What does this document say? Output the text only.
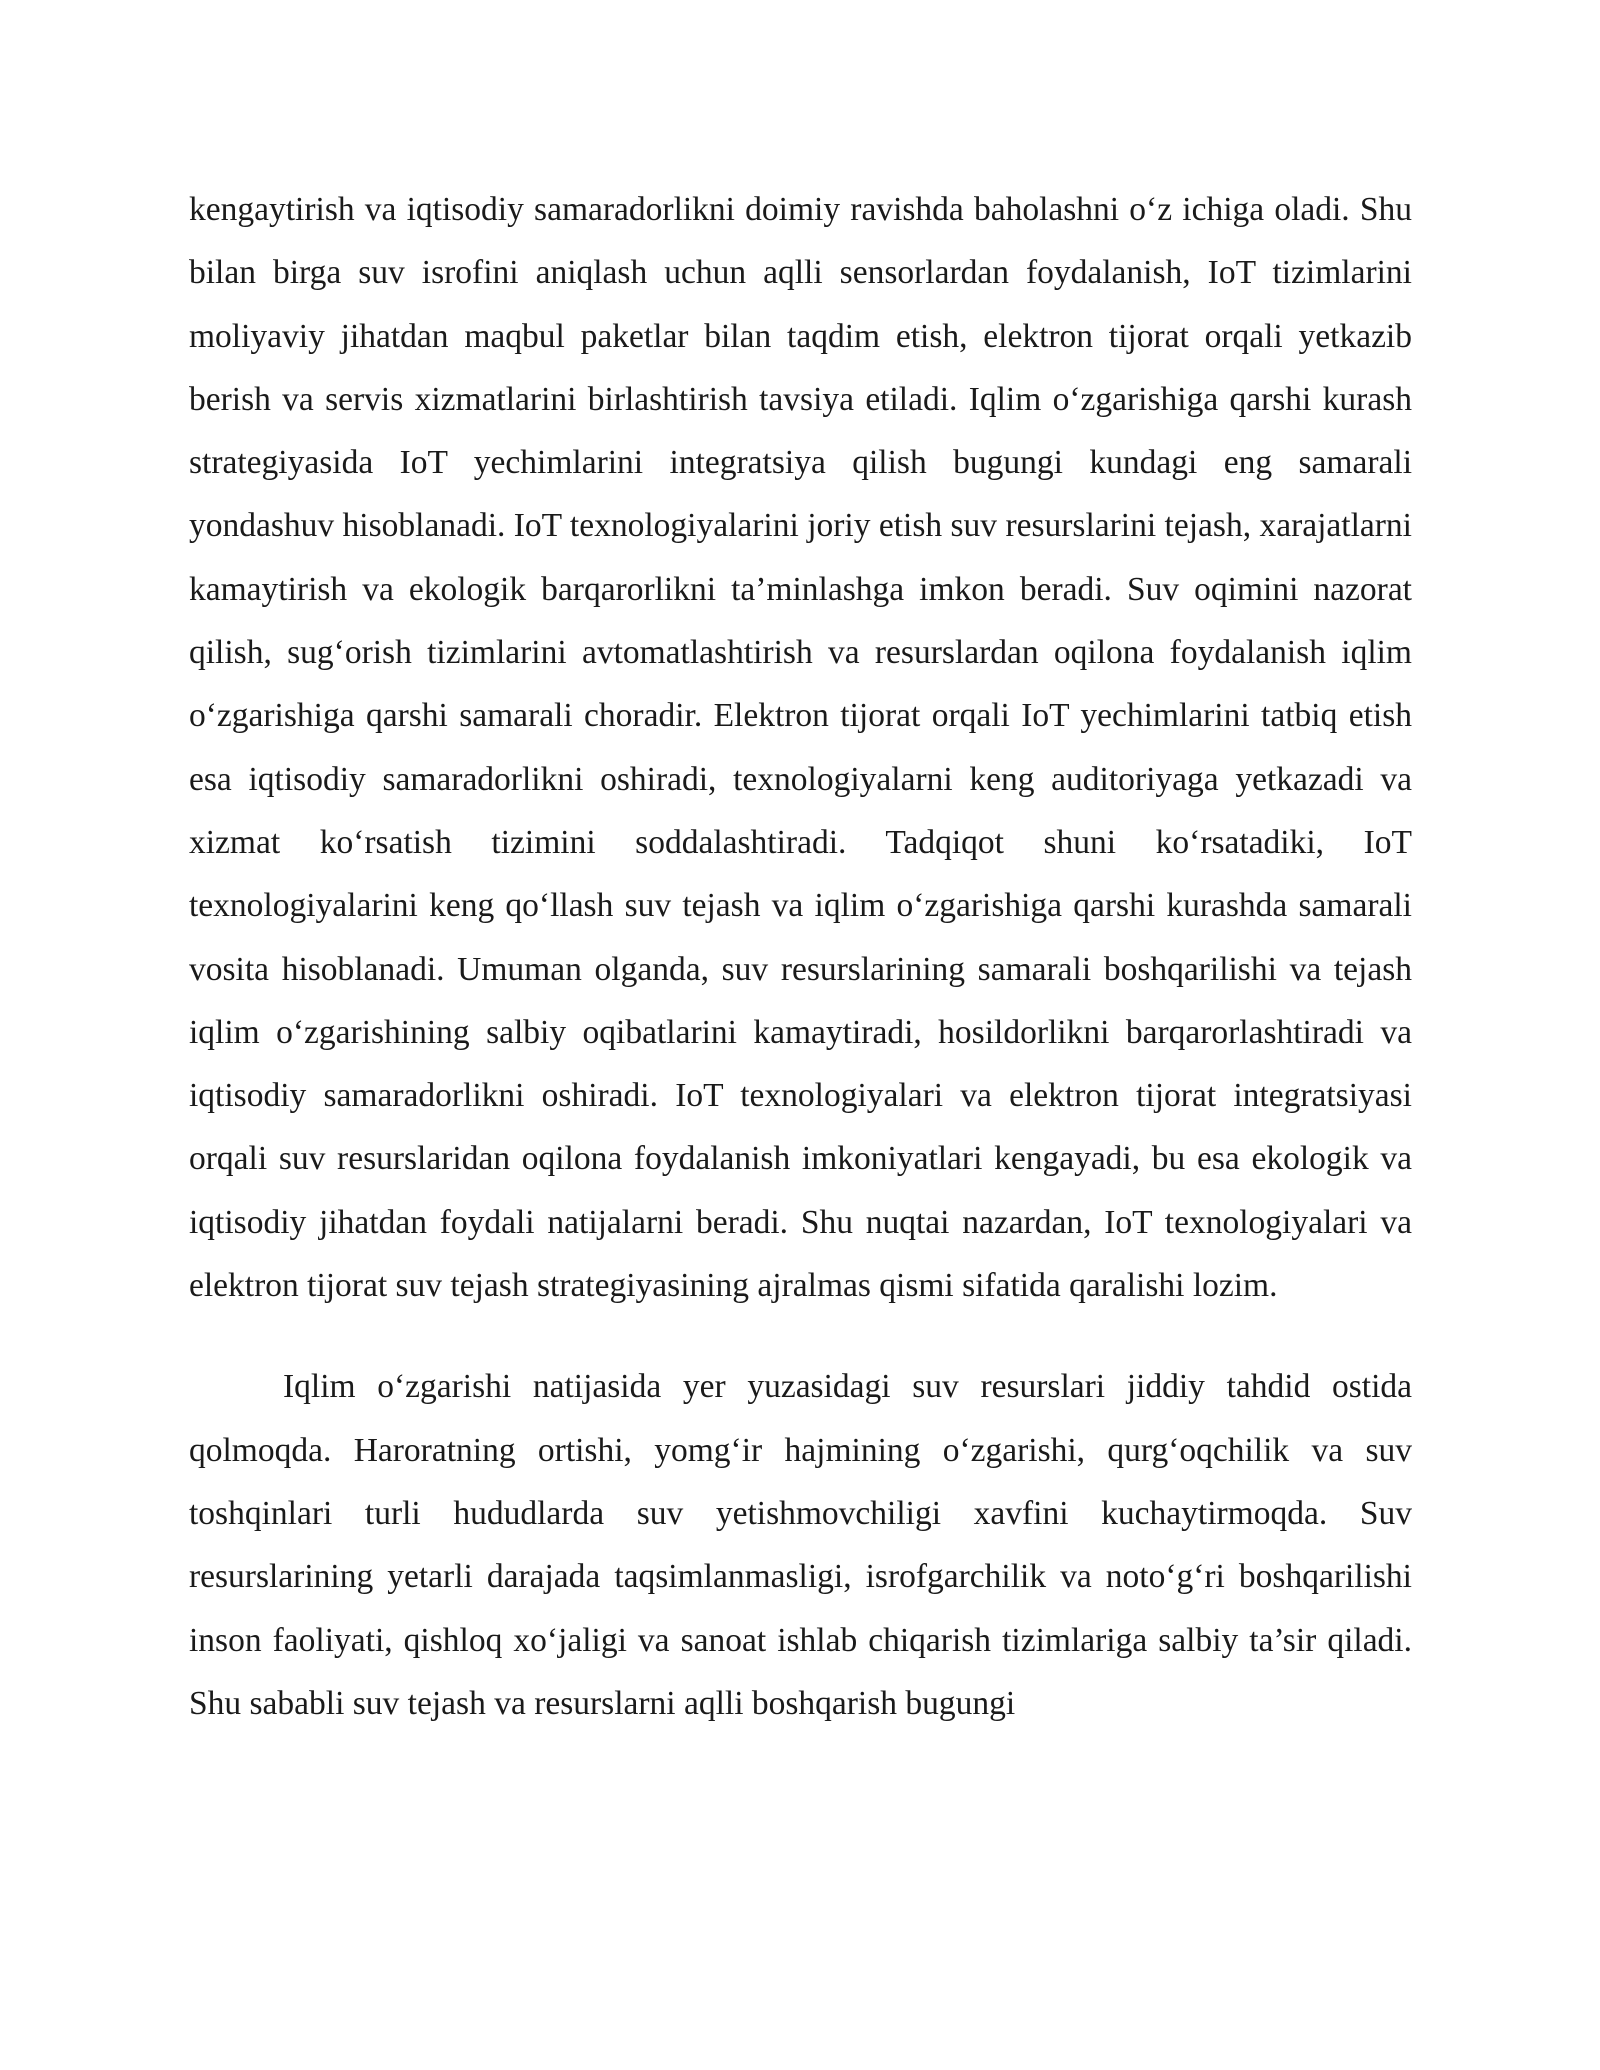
kengaytirish va iqtisodiy samaradorlikni doimiy ravishda baholashni o‘z ichiga oladi. Shu bilan birga suv isrofini aniqlash uchun aqlli sensorlardan foydalanish, IoT tizimlarini moliyaviy jihatdan maqbul paketlar bilan taqdim etish, elektron tijorat orqali yetkazib berish va servis xizmatlarini birlashtirish tavsiya etiladi. Iqlim o‘zgarishiga qarshi kurash strategiyasida IoT yechimlarini integratsiya qilish bugungi kundagi eng samarali yondashuv hisoblanadi. IoT texnologiyalarini joriy etish suv resurslarini tejash, xarajatlarni kamaytirish va ekologik barqarorlikni ta’minlashga imkon beradi. Suv oqimini nazorat qilish, sug‘orish tizimlarini avtomatlashtirish va resurslardan oqilona foydalanish iqlim o‘zgarishiga qarshi samarali choradir. Elektron tijorat orqali IoT yechimlarini tatbiq etish esa iqtisodiy samaradorlikni oshiradi, texnologiyalarni keng auditoriyaga yetkazadi va xizmat ko‘rsatish tizimini soddalashtiradi. Tadqiqot shuni ko‘rsatadiki, IoT texnologiyalarini keng qo‘llash suv tejash va iqlim o‘zgarishiga qarshi kurashda samarali vosita hisoblanadi. Umuman olganda, suv resurslarining samarali boshqarilishi va tejash iqlim o‘zgarishining salbiy oqibatlarini kamaytiradi, hosildorlikni barqarorlashtiradi va iqtisodiy samaradorlikni oshiradi. IoT texnologiyalari va elektron tijorat integratsiyasi orqali suv resurslaridan oqilona foydalanish imkoniyatlari kengayadi, bu esa ekologik va iqtisodiy jihatdan foydali natijalarni beradi. Shu nuqtai nazardan, IoT texnologiyalari va elektron tijorat suv tejash strategiyasining ajralmas qismi sifatida qaralishi lozim.

Iqlim o‘zgarishi natijasida yer yuzasidagi suv resurslari jiddiy tahdid ostida qolmoqda. Haroratning ortishi, yomg‘ir hajmining o‘zgarishi, qurg‘oqchilik va suv toshqinlari turli hududlarda suv yetishmovchiligi xavfini kuchaytirmoqda. Suv resurslarining yetarli darajada taqsimlanmasligi, isrofgarchilik va noto‘g‘ri boshqarilishi inson faoliyati, qishloq xo‘jaligi va sanoat ishlab chiqarish tizimlariga salbiy ta’sir qiladi. Shu sababli suv tejash va resurslarni aqlli boshqarish bugungi
